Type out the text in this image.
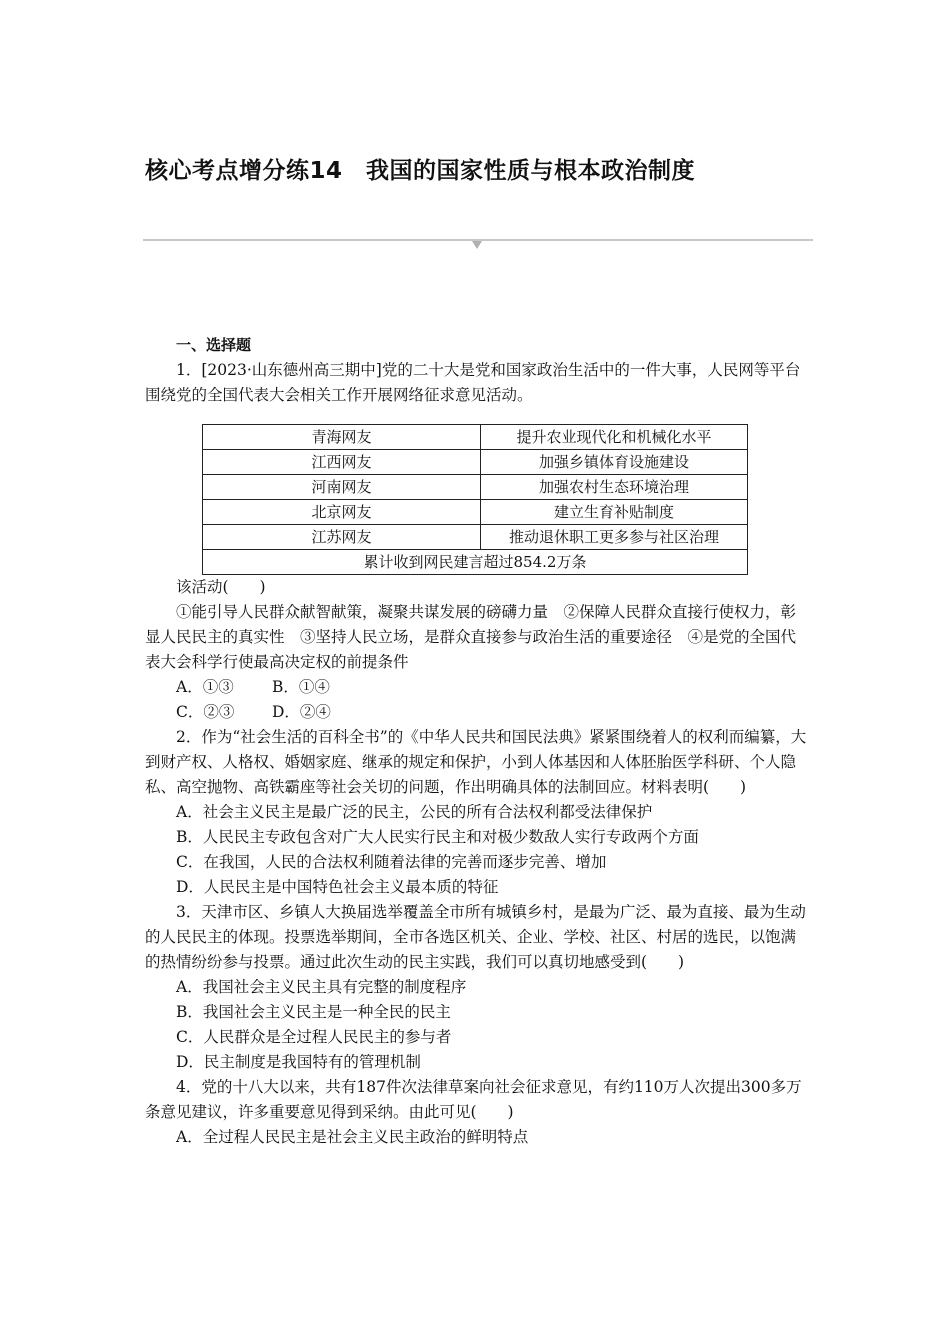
核心考点增分练14　我国的国家性质与根本政治制度

一、选择题

1．[2023·山东德州高三期中]党的二十大是党和国家政治生活中的一件大事，人民网等平台围绕党的全国代表大会相关工作开展网络征求意见活动。

青海网友	提升农业现代化和机械化水平
江西网友	加强乡镇体育设施建设
河南网友	加强农村生态环境治理
北京网友	建立生育补贴制度
江苏网友	推动退休职工更多参与社区治理
累计收到网民建言超过854.2万条	

该活动(　　)

①能引导人民群众献智献策，凝聚共谋发展的磅礴力量　②保障人民群众直接行使权力，彰显人民民主的真实性　③坚持人民立场，是群众直接参与政治生活的重要途径　④是党的全国代表大会科学行使最高决定权的前提条件

A．①③ B．①④

C．②③ D．②④

2．作为“社会生活的百科全书”的《中华人民共和国民法典》紧紧围绕着人的权利而编纂，大到财产权、人格权、婚姻家庭、继承的规定和保护，小到人体基因和人体胚胎医学科研、个人隐私、高空抛物、高铁霸座等社会关切的问题，作出明确具体的法制回应。材料表明(　　)

A．社会主义民主是最广泛的民主，公民的所有合法权利都受法律保护

B．人民民主专政包含对广大人民实行民主和对极少数敌人实行专政两个方面

C．在我国，人民的合法权利随着法律的完善而逐步完善、增加

D．人民民主是中国特色社会主义最本质的特征

3．天津市区、乡镇人大换届选举覆盖全市所有城镇乡村，是最为广泛、最为直接、最为生动的人民民主的体现。投票选举期间，全市各选区机关、企业、学校、社区、村居的选民，以饱满的热情纷纷参与投票。通过此次生动的民主实践，我们可以真切地感受到(　　)

A．我国社会主义民主具有完整的制度程序

B．我国社会主义民主是一种全民的民主

C．人民群众是全过程人民民主的参与者

D．民主制度是我国特有的管理机制

4．党的十八大以来，共有187件次法律草案向社会征求意见，有约110万人次提出300多万条意见建议，许多重要意见得到采纳。由此可见(　　)

A．全过程人民民主是社会主义民主政治的鲜明特点
